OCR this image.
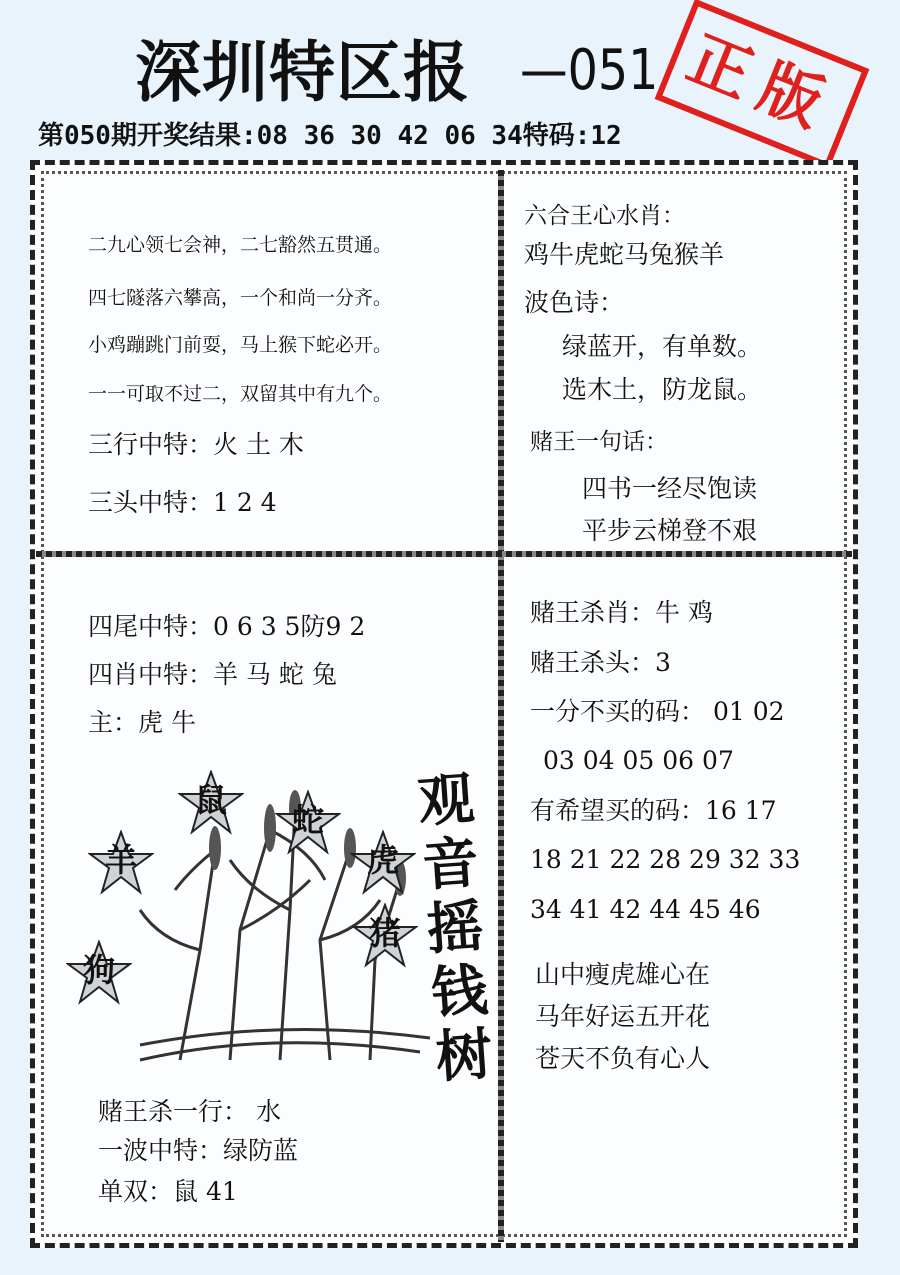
深圳特区报 —051 正版
第050期开奖结果:08 36 30 42 06 34特码:12
二九心领七会神，二七豁然五贯通。
四七隧落六攀高，一个和尚一分齐。
小鸡蹦跳门前耍，马上猴下蛇必开。
一一可取不过二，双留其中有九个。
三行中特：火 土 木
三头中特：1 2 4
六合王心水肖：
鸡牛虎蛇马兔猴羊
波色诗：
绿蓝开，有单数。
选木土，防龙鼠。
赌王一句话：
四书一经尽饱读
平步云梯登不艰
四尾中特：0 6 3 5防9 2
四肖中特：羊 马 蛇 兔
主：虎 牛
鼠
蛇
羊	虎
猪
狗
观
音
摇
钱
树
赌王杀一行： 水
一波中特：绿防蓝
单双：鼠 41
赌王杀肖：牛 鸡
赌王杀头：3
一分不买的码： 01 02
03 04 05 06 07
有希望买的码：16 17
18 21 22 28 29 32 33
34 41 42 44 45 46
山中瘦虎雄心在
马年好运五开花
苍天不负有心人
